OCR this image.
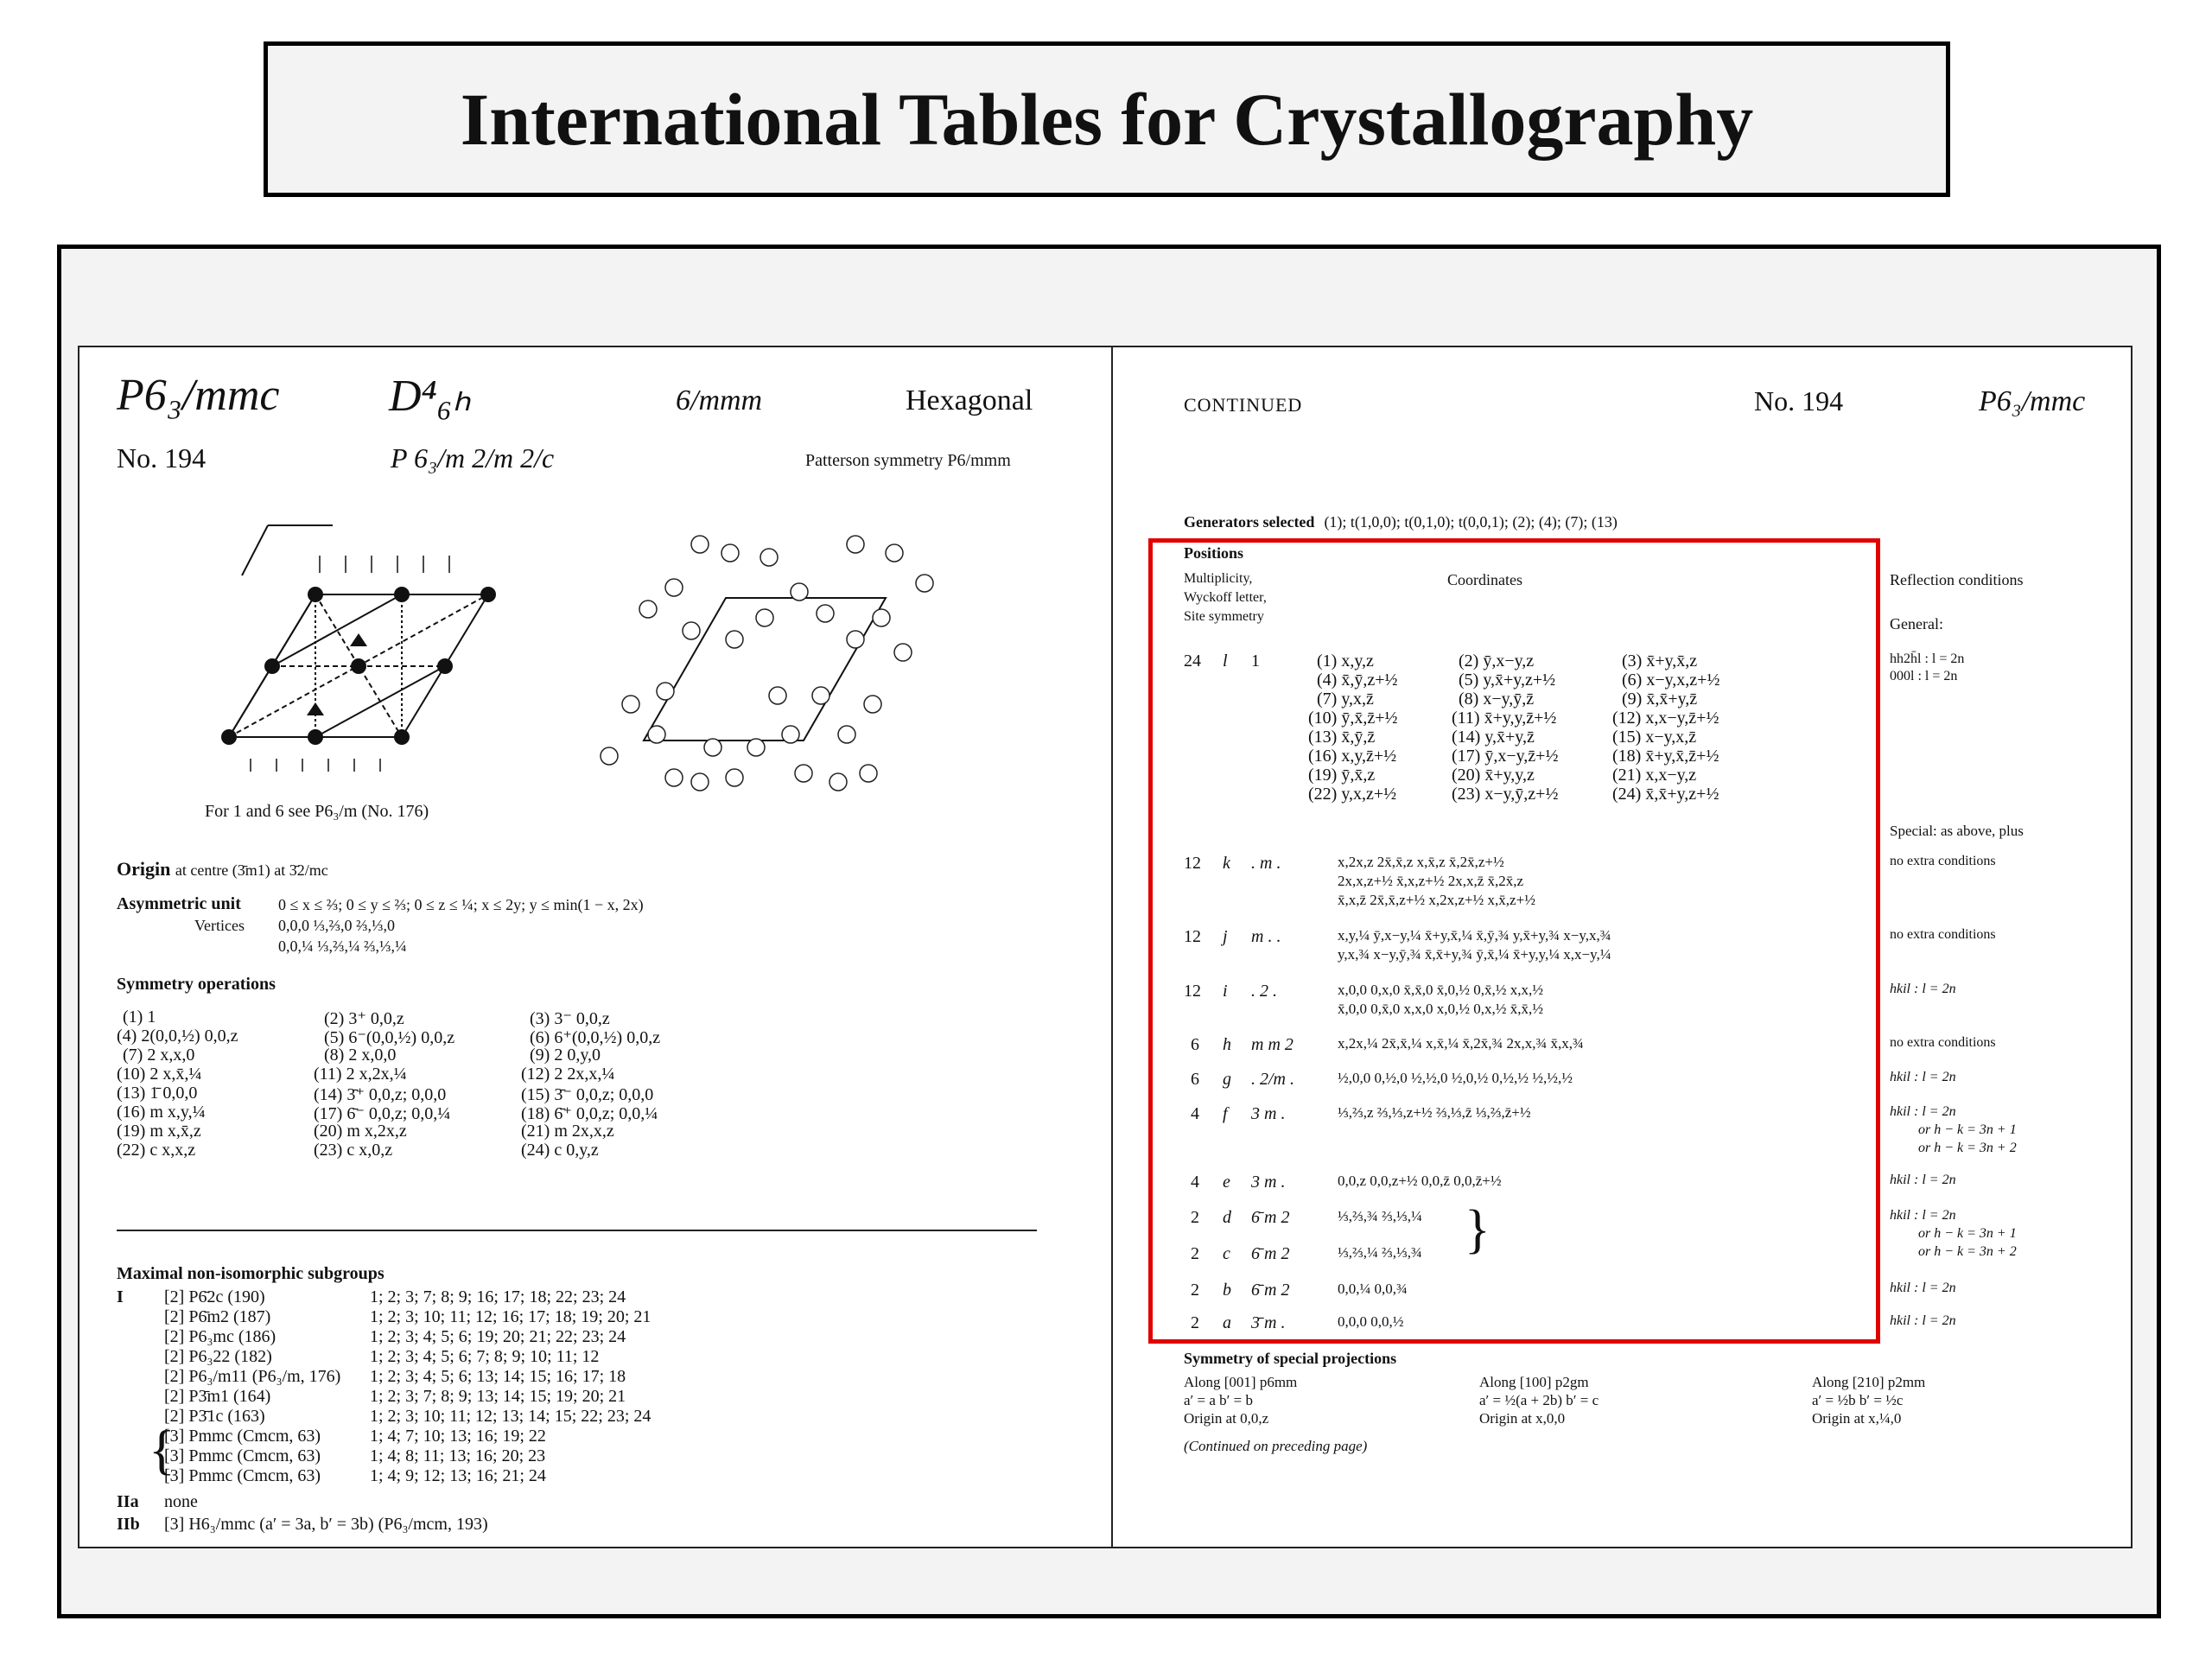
International Tables for Crystallography
P6₃/mmc D⁴₆ₕ	6/mmm	Hexagonal
No. 194	P 6₃/m 2/m 2/c	Patterson symmetry P6/mmm
For 1 and 6 see P6₃/m (No. 176)
Origin at centre (3̄m1) at 3̄2/mc
Asymmetric unit 0 ≤ x ≤ ⅔; 0 ≤ y ≤ ⅔; 0 ≤ z ≤ ¼; x ≤ 2y; y ≤ min(1 − x, 2x)
Vertices 0,0,0 ⅓,⅔,0 ⅔,⅓,0
0,0,¼ ⅓,⅔,¼ ⅔,⅓,¼
Symmetry operations
(1) 1	(2) 3⁺ 0,0,z	(3) 3⁻ 0,0,z
(4) 2(0,0,½) 0,0,z	(5) 6⁻(0,0,½) 0,0,z	(6) 6⁺(0,0,½) 0,0,z
(7) 2 x,x,0	(8) 2 x,0,0	(9) 2 0,y,0
(10) 2 x,x̄,¼	(11) 2 x,2x,¼	(12) 2 2x,x,¼
(13) 1̄ 0,0,0	(14) 3̄⁺ 0,0,z; 0,0,0	(15) 3̄⁻ 0,0,z; 0,0,0
(16) m x,y,¼	(17) 6̄⁻ 0,0,z; 0,0,¼	(18) 6̄⁺ 0,0,z; 0,0,¼
(19) m x,x̄,z	(20) m x,2x,z	(21) m 2x,x,z
(22) c x,x,z	(23) c x,0,z	(24) c 0,y,z
Maximal non-isomorphic subgroups
I [2] P6̄2c (190)	1; 2; 3; 7; 8; 9; 16; 17; 18; 22; 23; 24
[2] P6̄m2 (187)	1; 2; 3; 10; 11; 12; 16; 17; 18; 19; 20; 21
[2] P6₃mc (186)	1; 2; 3; 4; 5; 6; 19; 20; 21; 22; 23; 24
[2] P6₃22 (182)	1; 2; 3; 4; 5; 6; 7; 8; 9; 10; 11; 12
[2] P6₃/m11 (P6₃/m, 176) 1; 2; 3; 4; 5; 6; 13; 14; 15; 16; 17; 18
[2] P3̄m1 (164)	1; 2; 3; 7; 8; 9; 13; 14; 15; 19; 20; 21
[2] P3̄1c (163)	1; 2; 3; 10; 11; 12; 13; 14; 15; 22; 23; 24
{
[3] Pmmc (Cmcm, 63)	1; 4; 7; 10; 13; 16; 19; 22
[3] Pmmc (Cmcm, 63)	1; 4; 8; 11; 13; 16; 20; 23
[3] Pmmc (Cmcm, 63)	1; 4; 9; 12; 13; 16; 21; 24
IIa none
IIb [3] H6₃/mmc (a′ = 3a, b′ = 3b) (P6₃/mcm, 193)
CONTINUED	No. 194	P6₃/mmc
Generators selected (1); t(1,0,0); t(0,1,0); t(0,0,1); (2); (4); (7); (13)
Positions
Multiplicity,
Wyckoff letter,
Site symmetry
Coordinates	Reflection conditions
General:
24 l 1	(1) x,y,z	(2) ȳ,x−y,z	(3) x̄+y,x̄,z
(4) x̄,ȳ,z+½	(5) y,x̄+y,z+½	(6) x−y,x,z+½
(7) y,x,z̄	(8) x−y,ȳ,z̄	(9) x̄,x̄+y,z̄
(10) ȳ,x̄,z̄+½	(11) x̄+y,y,z̄+½	(12) x,x−y,z̄+½
(13) x̄,ȳ,z̄	(14) y,x̄+y,z̄	(15) x−y,x,z̄
(16) x,y,z̄+½	(17) ȳ,x−y,z̄+½	(18) x̄+y,x̄,z̄+½
(19) ȳ,x̄,z	(20) x̄+y,y,z	(21) x,x−y,z
(22) y,x,z+½	(23) x−y,ȳ,z+½	(24) x̄,x̄+y,z+½
hh2h̄l : l = 2n
000l : l = 2n
Special: as above, plus
12 k . m .	x,2x,z 2x̄,x̄,z x,x̄,z x̄,2x̄,z+½
2x,x,z+½ x̄,x,z+½ 2x,x,z̄ x̄,2x̄,z
x̄,x,z̄ 2x̄,x̄,z+½ x,2x,z+½ x,x̄,z+½
no extra conditions
12 j m . .	x,y,¼ ȳ,x−y,¼ x̄+y,x̄,¼ x̄,ȳ,¾ y,x̄+y,¾ x−y,x,¾
y,x,¾ x−y,ȳ,¾ x̄,x̄+y,¾ ȳ,x̄,¼ x̄+y,y,¼ x,x−y,¼
no extra conditions
12 i . 2 .	x,0,0 0,x,0 x̄,x̄,0 x̄,0,½ 0,x̄,½ x,x,½
x̄,0,0 0,x̄,0 x,x,0 x,0,½ 0,x,½ x̄,x̄,½
hkil : l = 2n
6 h m m 2	x,2x,¼ 2x̄,x̄,¼ x,x̄,¼ x̄,2x̄,¾ 2x,x,¾ x̄,x,¾	no extra conditions
6 g . 2/m .	½,0,0 0,½,0 ½,½,0 ½,0,½ 0,½,½ ½,½,½	hkil : l = 2n
4 f 3 m .	⅓,⅔,z ⅔,⅓,z+½ ⅔,⅓,z̄ ⅓,⅔,z̄+½	hkil : l = 2n
or h − k = 3n + 1
or h − k = 3n + 2
4 e 3 m .	0,0,z 0,0,z+½ 0,0,z̄ 0,0,z̄+½	hkil : l = 2n
2 d 6̄ m 2	⅓,⅔,¾ ⅔,⅓,¼ }	hkil : l = 2n
or h − k = 3n + 1
or h − k = 3n + 2
2 c 6̄ m 2	⅓,⅔,¼ ⅔,⅓,¾
2 b 6̄ m 2	0,0,¼ 0,0,¾	hkil : l = 2n
2 a 3̄ m .	0,0,0 0,0,½	hkil : l = 2n
Symmetry of special projections
Along [001] p6mm
a′ = a b′ = b
Origin at 0,0,z
Along [100] p2gm
a′ = ½(a + 2b) b′ = c
Origin at x,0,0
Along [210] p2mm
a′ = ½b b′ = ½c
Origin at x,¼,0
(Continued on preceding page)
